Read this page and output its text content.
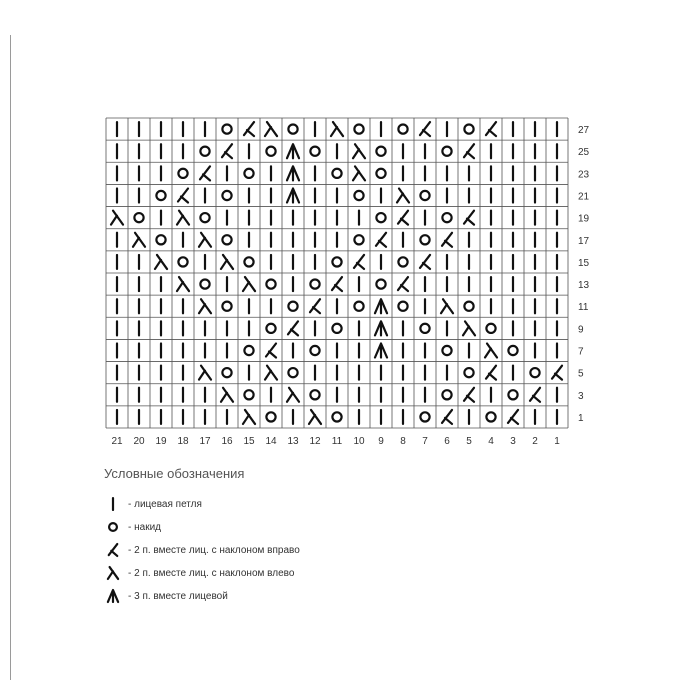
27
25
23
21
19
17
15
13
11
9
7
5
3
1
21 20 19 18 17 16 15 14 13 12 11 10 9 8 7 6 5 4 3 2 1
Условные обозначения
- лицевая петля
- накид
- 2 п. вместе лиц. с наклоном вправо
- 2 п. вместе лиц. с наклоном влево
- 3 п. вместе лицевой
